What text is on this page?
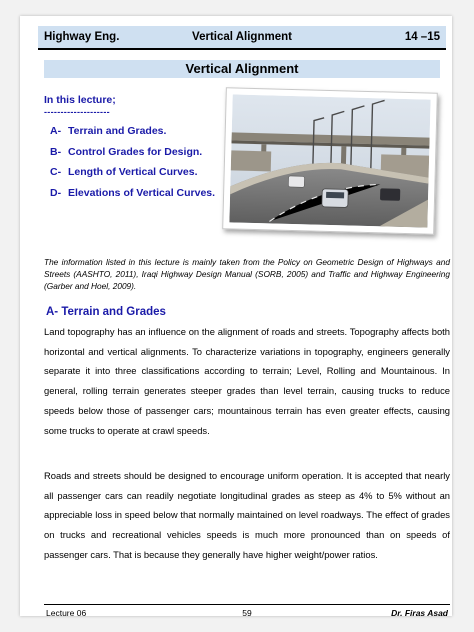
Highway Eng.	Vertical Alignment	14 –15
Vertical Alignment
In this lecture;
--------------------
A- Terrain and Grades.
B- Control Grades for Design.
C- Length of Vertical Curves.
D- Elevations of Vertical Curves.
The information listed in this lecture is mainly taken from the Policy on Geometric Design of Highways and Streets (AASHTO, 2011), Iraqi Highway Design Manual (SORB, 2005) and Traffic and Highway Engineering (Garber and Hoel, 2009).
A- Terrain and Grades

Land topography has an influence on the alignment of roads and streets. Topography affects both horizontal and vertical alignments. To characterize variations in topography, engineers generally separate it into three classifications according to terrain; Level, Rolling and Mountainous. In general, rolling terrain generates steeper grades than level terrain, causing trucks to reduce speeds below those of passenger cars; mountainous terrain has even greater effects, causing some trucks to operate at crawl speeds.

Roads and streets should be designed to encourage uniform operation. It is accepted that nearly all passenger cars can readily negotiate longitudinal grades as steep as 4% to 5% without an appreciable loss in speed below that normally maintained on level roadways. The effect of grades on trucks and recreational vehicles speeds is much more pronounced than on speeds of passenger cars. That is because they generally have higher weight/power ratios.

Lecture 06	59	Dr. Firas Asad
